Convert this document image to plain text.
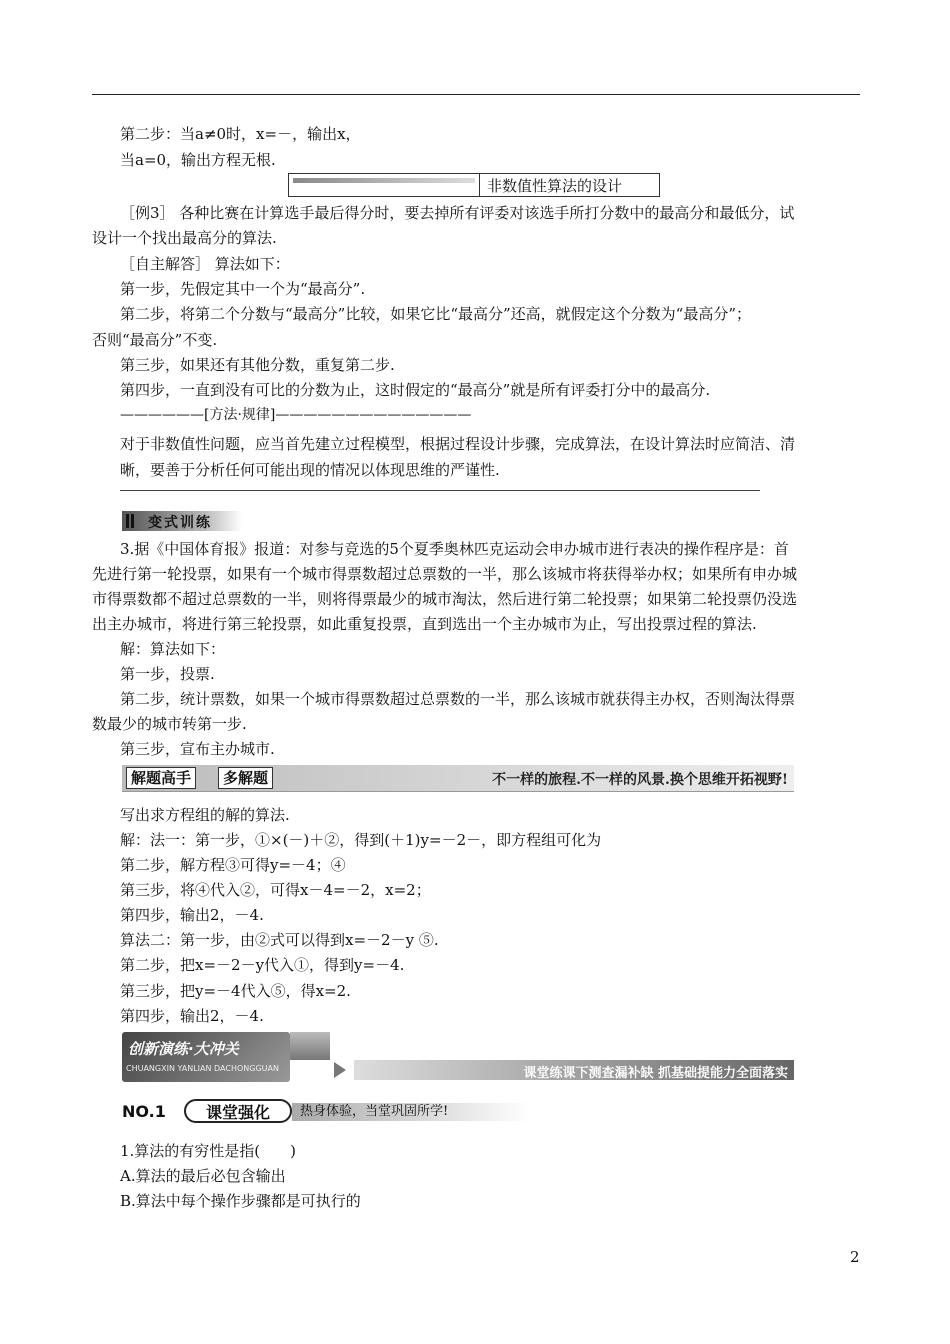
第二步：当a≠0时，x=－，输出x，
当a=0，输出方程无根.
非数值性算法的设计
［例3］ 各种比赛在计算选手最后得分时，要去掉所有评委对该选手所打分数中的最高分和最低分，试
设计一个找出最高分的算法.
［自主解答］ 算法如下：
第一步，先假定其中一个为“最高分”.
第二步，将第二个分数与“最高分”比较，如果它比“最高分”还高，就假定这个分数为“最高分”；
否则“最高分”不变.
第三步，如果还有其他分数，重复第二步.
第四步，一直到没有可比的分数为止，这时假定的“最高分”就是所有评委打分中的最高分.
——————[方法·规律]——————————————
对于非数值性问题，应当首先建立过程模型，根据过程设计步骤，完成算法，在设计算法时应简洁、清
晰，要善于分析任何可能出现的情况以体现思维的严谨性.
变式训练
3.据《中国体育报》报道：对参与竞选的5个夏季奥林匹克运动会申办城市进行表决的操作程序是：首
先进行第一轮投票，如果有一个城市得票数超过总票数的一半，那么该城市将获得举办权；如果所有申办城
市得票数都不超过总票数的一半，则将得票最少的城市淘汰，然后进行第二轮投票；如果第二轮投票仍没选
出主办城市，将进行第三轮投票，如此重复投票，直到选出一个主办城市为止，写出投票过程的算法.
解：算法如下：
第一步，投票.
第二步，统计票数，如果一个城市得票数超过总票数的一半，那么该城市就获得主办权，否则淘汰得票
数最少的城市转第一步.
第三步，宣布主办城市.
解题高手	多解题	不一样的旅程.不一样的风景.换个思维开拓视野!
写出求方程组的解的算法.
解：法一：第一步，①×(－)＋②，得到(＋1)y=－2－，即方程组可化为
第二步，解方程③可得y=－4；④
第三步，将④代入②，可得x－4=－2，x=2；
第四步，输出2，－4.
算法二：第一步，由②式可以得到x=－2－y ⑤.
第二步，把x=－2－y代入①，得到y=－4.
第三步，把y=－4代入⑤，得x=2.
第四步，输出2，－4.
创新演练·大冲关
CHUANGXIN YANLIAN DACHONGGUAN	课堂练课下测查漏补缺 抓基础提能力全面落实
NO.1	课堂强化	热身体验，当堂巩固所学!
1.算法的有穷性是指(　　)
A.算法的最后必包含输出
B.算法中每个操作步骤都是可执行的
2
